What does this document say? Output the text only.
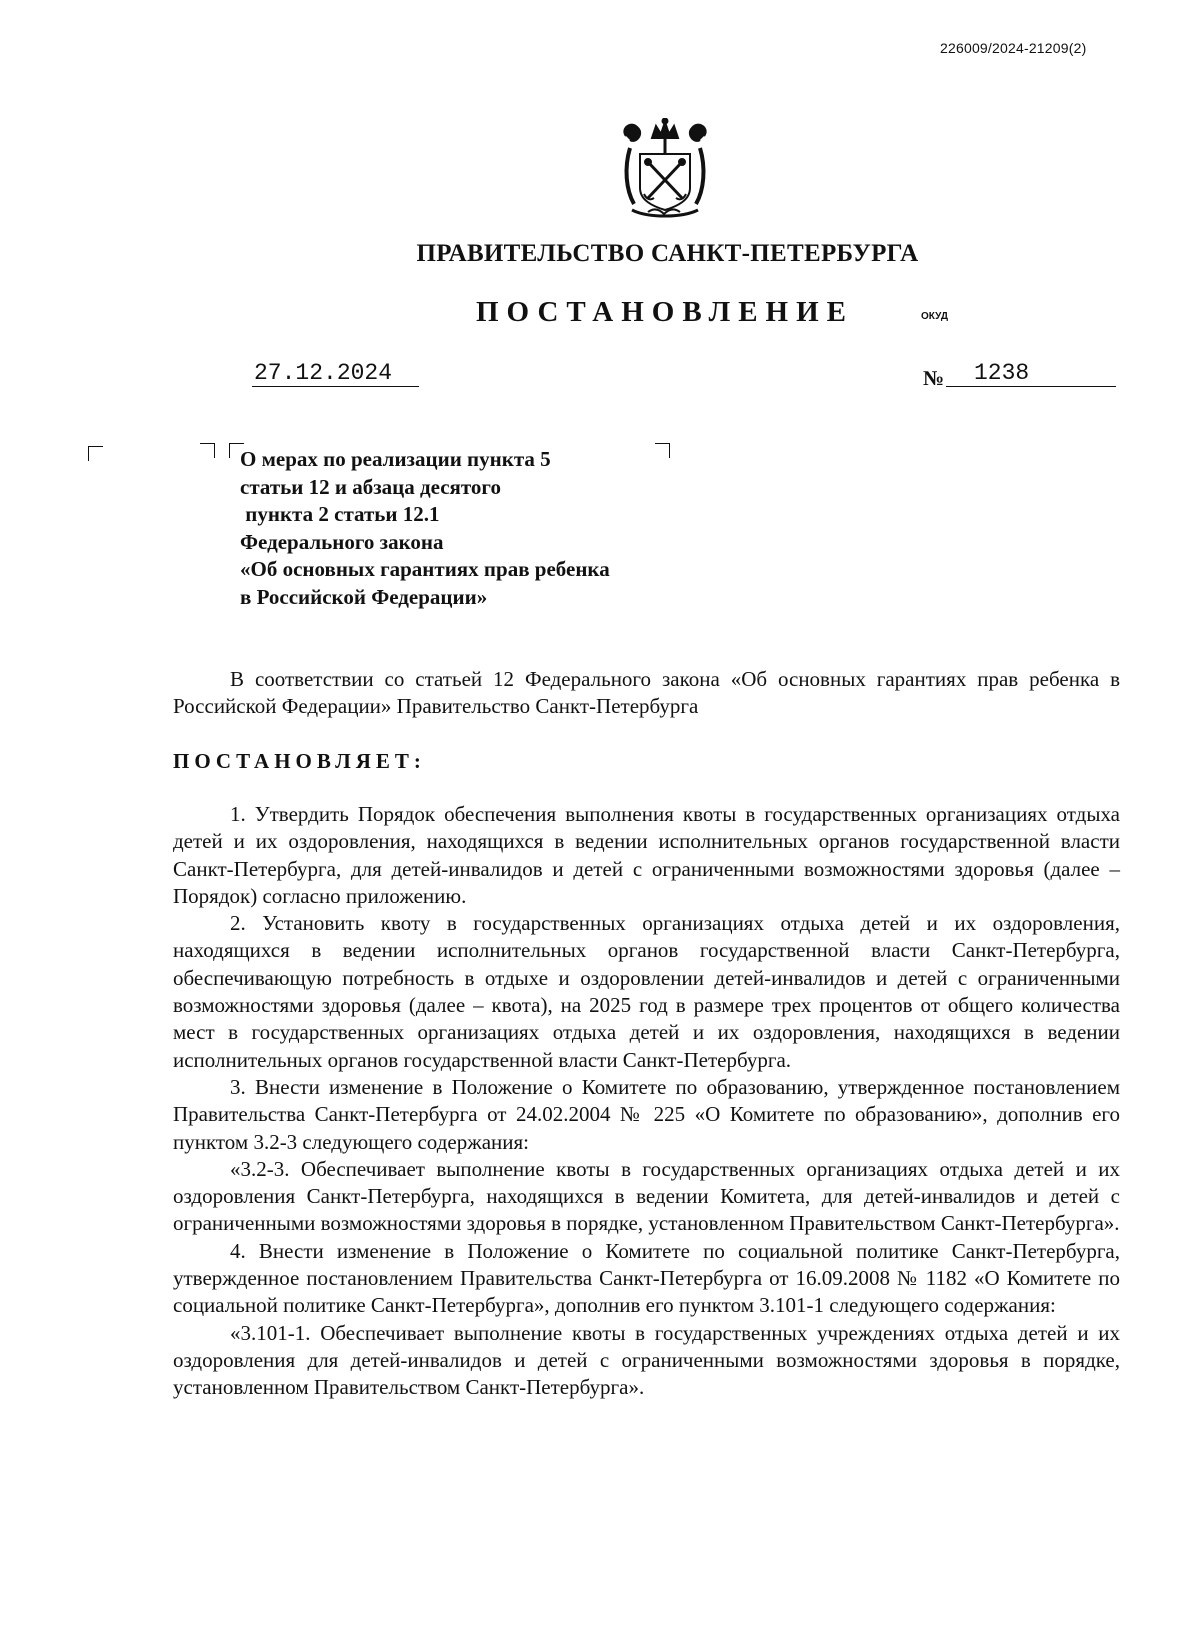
226009/2024-21209(2)
ПРАВИТЕЛЬСТВО САНКТ-ПЕТЕРБУРГА
ПОСТАНОВЛЕНИЕ	ОКУД
27.12.2024	№	1238
О мерах по реализации пункта 5
статьи 12 и абзаца десятого
пункта 2 статьи 12.1
Федерального закона
«Об основных гарантиях прав ребенка
в Российской Федерации»

В соответствии со статьей 12 Федерального закона «Об основных гарантиях прав ребенка в Российской Федерации» Правительство Санкт-Петербурга

ПОСТАНОВЛЯЕТ:

1. Утвердить Порядок обеспечения выполнения квоты в государственных организациях отдыха детей и их оздоровления, находящихся в ведении исполнительных органов государственной власти Санкт-Петербурга, для детей-инвалидов и детей с ограниченными возможностями здоровья (далее – Порядок) согласно приложению.

2. Установить квоту в государственных организациях отдыха детей и их оздоровления, находящихся в ведении исполнительных органов государственной власти Санкт-Петербурга, обеспечивающую потребность в отдыхе и оздоровлении детей-инвалидов и детей с ограниченными возможностями здоровья (далее – квота), на 2025 год в размере трех процентов от общего количества мест в государственных организациях отдыха детей и их оздоровления, находящихся в ведении исполнительных органов государственной власти Санкт-Петербурга.

3. Внести изменение в Положение о Комитете по образованию, утвержденное постановлением Правительства Санкт-Петербурга от 24.02.2004 № 225 «О Комитете по образованию», дополнив его пунктом 3.2-3 следующего содержания:

«3.2-3. Обеспечивает выполнение квоты в государственных организациях отдыха детей и их оздоровления Санкт-Петербурга, находящихся в ведении Комитета, для детей-инвалидов и детей с ограниченными возможностями здоровья в порядке, установленном Правительством Санкт-Петербурга».

4. Внести изменение в Положение о Комитете по социальной политике Санкт-Петербурга, утвержденное постановлением Правительства Санкт-Петербурга от 16.09.2008 № 1182 «О Комитете по социальной политике Санкт-Петербурга», дополнив его пунктом 3.101-1 следующего содержания:

«3.101-1. Обеспечивает выполнение квоты в государственных учреждениях отдыха детей и их оздоровления для детей-инвалидов и детей с ограниченными возможностями здоровья в порядке, установленном Правительством Санкт-Петербурга».
